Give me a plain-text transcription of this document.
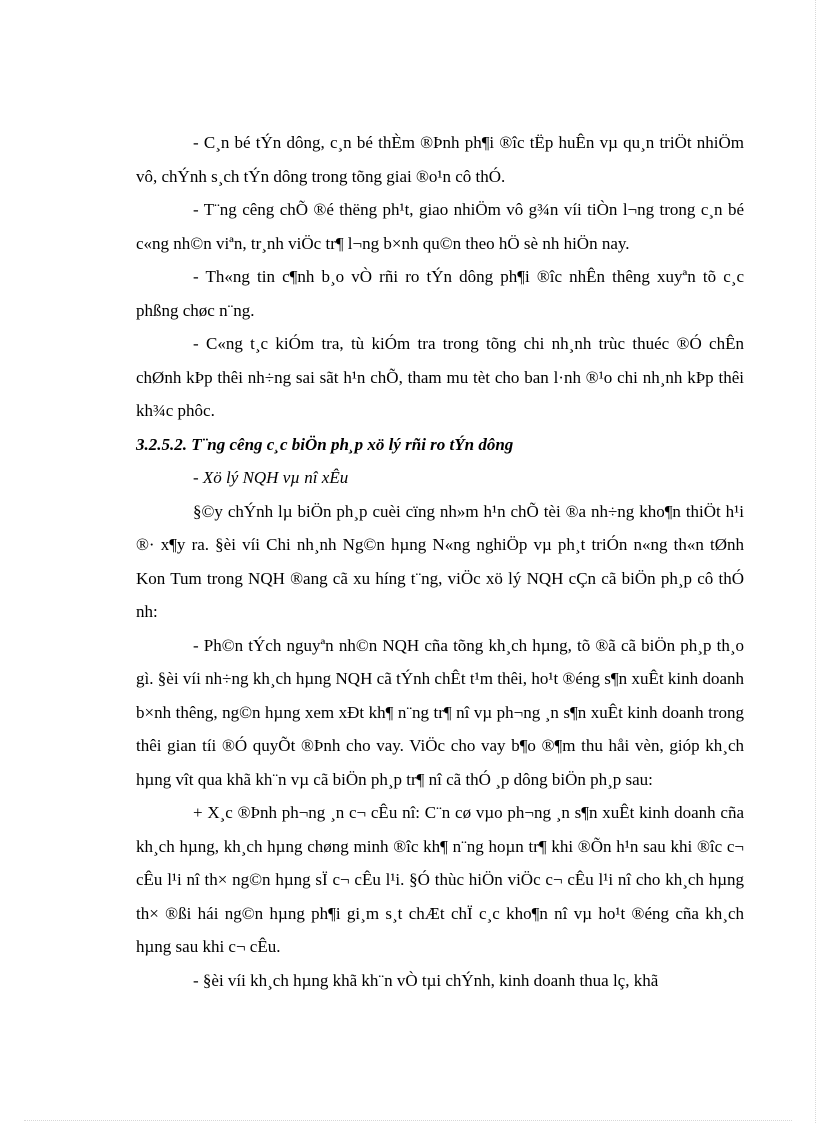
- C¸n bé tÝn dông, c¸n bé thÈm ®Þnh ph¶i ®îc tËp huÊn vµ qu¸n triÖt nhiÖm vô, chÝnh s¸ch tÝn dông trong tõng giai ®o¹n cô thÓ.

- T¨ng cêng chÕ ®é thëng ph¹t, giao nhiÖm vô g¾n víi tiÒn l¬ng trong c¸n bé c«ng nh©n viªn, tr¸nh viÖc tr¶ l¬ng b×nh qu©n theo hÖ sè nh hiÖn nay.

- Th«ng tin c¶nh b¸o vÒ rñi ro tÝn dông ph¶i ®îc nhÊn thêng xuyªn tõ c¸c phßng chøc n¨ng.

- C«ng t¸c kiÓm tra, tù kiÓm tra trong tõng chi nh¸nh trùc thuéc ®Ó chÊn chØnh kÞp thêi nh÷ng sai sãt h¹n chÕ, tham mu tèt cho ban l·nh ®¹o chi nh¸nh kÞp thêi kh¾c phôc.

3.2.5.2. T¨ng cêng c¸c biÖn ph¸p xö lý rñi ro tÝn dông

- Xö lý NQH vµ nî xÊu

§©y chÝnh lµ biÖn ph¸p cuèi cïng nh»m h¹n chÕ tèi ®a nh÷ng kho¶n thiÖt h¹i ®· x¶y ra. §èi víi Chi nh¸nh Ng©n hµng N«ng nghiÖp vµ ph¸t triÓn n«ng th«n tØnh Kon Tum trong NQH ®ang cã xu híng t¨ng, viÖc xö lý NQH cÇn cã biÖn ph¸p cô thÓ nh:

- Ph©n tÝch nguyªn nh©n NQH cña tõng kh¸ch hµng, tõ ®ã cã biÖn ph¸p th¸o gì. §èi víi nh÷ng kh¸ch hµng NQH cã tÝnh chÊt t¹m thêi, ho¹t ®éng s¶n xuÊt kinh doanh b×nh thêng, ng©n hµng xem xÐt kh¶ n¨ng tr¶ nî vµ ph¬ng ¸n s¶n xuÊt kinh doanh trong thêi gian tíi ®Ó quyÕt ®Þnh cho vay. ViÖc cho vay b¶o ®¶m thu håi vèn, gióp kh¸ch hµng vît qua khã kh¨n vµ cã biÖn ph¸p tr¶ nî cã thÓ ¸p dông biÖn ph¸p sau:

+ X¸c ®Þnh ph¬ng ¸n c¬ cÊu nî: C¨n cø vµo ph¬ng ¸n s¶n xuÊt kinh doanh cña kh¸ch hµng, kh¸ch hµng chøng minh ®îc kh¶ n¨ng hoµn tr¶ khi ®Õn h¹n sau khi ®îc c¬ cÊu l¹i nî th× ng©n hµng sÏ c¬ cÊu l¹i. §Ó thùc hiÖn viÖc c¬ cÊu l¹i nî cho kh¸ch hµng th× ®ßi hái ng©n hµng ph¶i gi¸m s¸t chÆt chÏ c¸c kho¶n nî vµ ho¹t ®éng cña kh¸ch hµng sau khi c¬ cÊu.

- §èi víi kh¸ch hµng khã kh¨n vÒ tµi chÝnh, kinh doanh thua lç, khã
